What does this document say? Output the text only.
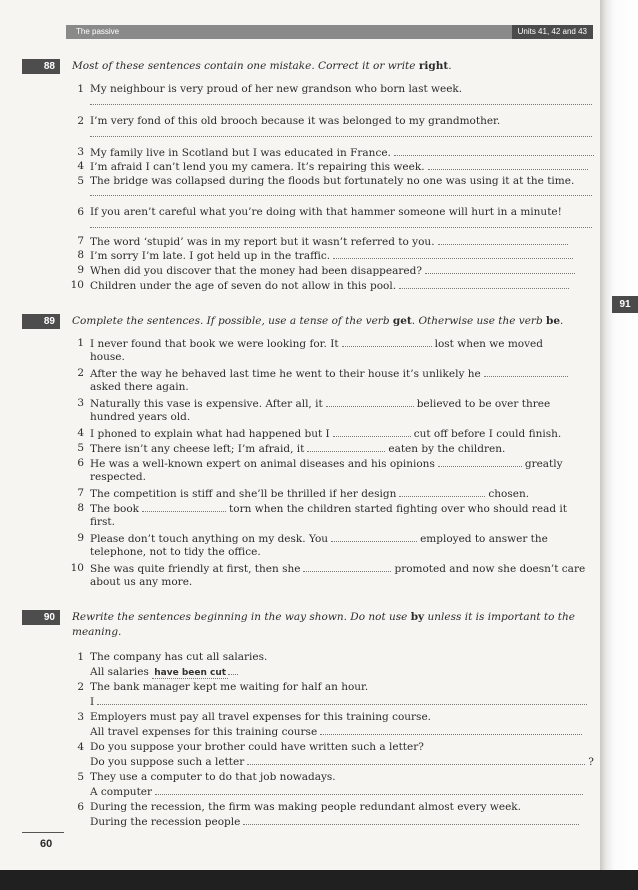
The passive	Units 41, 42 and 43
91
88	Most of these sentences contain one mistake. Correct it or write right.
1 My neighbour is very proud of her new grandson who born last week.
2 I’m very fond of this old brooch because it was belonged to my grandmother.
3 My family live in Scotland but I was educated in France.
4 I’m afraid I can’t lend you my camera. It’s repairing this week.
5 The bridge was collapsed during the floods but fortunately no one was using it at the time.
6 If you aren’t careful what you’re doing with that hammer someone will hurt in a minute!
7 The word ‘stupid’ was in my report but it wasn’t referred to you.
8 I’m sorry I’m late. I got held up in the traffic.
9 When did you discover that the money had been disappeared?
10 Children under the age of seven do not allow in this pool.
89	Complete the sentences. If possible, use a tense of the verb get. Otherwise use the verb be.
1 I never found that book we were looking for. It	lost when we moved
house.
2 After the way he behaved last time he went to their house it’s unlikely he
asked there again.
3 Naturally this vase is expensive. After all, it	believed to be over three
hundred years old.
4 I phoned to explain what had happened but I	cut off before I could finish.
5 There isn’t any cheese left; I’m afraid, it	eaten by the children.
6 He was a well-known expert on animal diseases and his opinions	greatly
respected.
7 The competition is stiff and she’ll be thrilled if her design	chosen.
8 The book	torn when the children started fighting over who should read it
first.
9 Please don’t touch anything on my desk. You	employed to answer the
telephone, not to tidy the office.
10 She was quite friendly at first, then she	promoted and now she doesn’t care
about us any more.
90	Rewrite the sentences beginning in the way shown. Do not use by unless it is important to the
meaning.
1 The company has cut all salaries.
All salaries have been cut
2 The bank manager kept me waiting for half an hour.
I
3 Employers must pay all travel expenses for this training course.
All travel expenses for this training course
4 Do you suppose your brother could have written such a letter?
Do you suppose such a letter	?
5 They use a computer to do that job nowadays.
A computer
6 During the recession, the firm was making people redundant almost every week.
During the recession people
60
